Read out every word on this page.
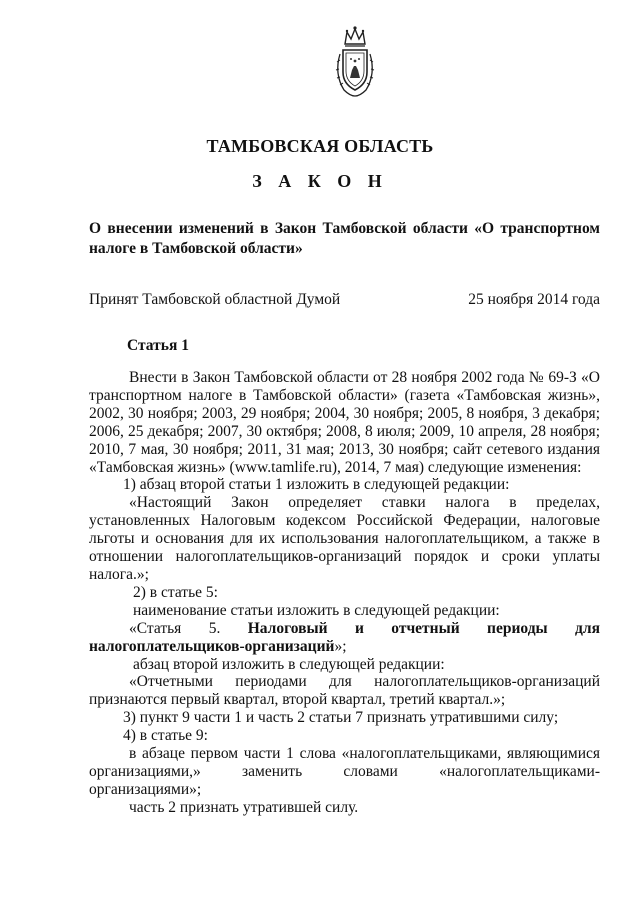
ТАМБОВСКАЯ ОБЛАСТЬ
З А К О Н
О внесении изменений в Закон Тамбовской области «О транспортном налоге в Тамбовской области»
Принят Тамбовской областной Думой	25 ноября 2014 года
Статья 1

Внести в Закон Тамбовской области от 28 ноября 2002 года № 69-З «О транспортном налоге в Тамбовской области» (газета «Тамбовская жизнь», 2002, 30 ноября; 2003, 29 ноября; 2004, 30 ноября; 2005, 8 ноября, 3 декабря; 2006, 25 декабря; 2007, 30 октября; 2008, 8 июля; 2009, 10 апреля, 28 ноября; 2010, 7 мая, 30 ноября; 2011, 31 мая; 2013, 30 ноября; сайт сетевого издания «Тамбовская жизнь» (www.tamlife.ru), 2014, 7 мая) следующие изменения:

1) абзац второй статьи 1 изложить в следующей редакции:

«Настоящий Закон определяет ставки налога в пределах, установленных Налоговым кодексом Российской Федерации, налоговые льготы и основания для их использования налогоплательщиком, а также в отношении налогоплательщиков-организаций порядок и сроки уплаты налога.»;

2) в статье 5:

наименование статьи изложить в следующей редакции:

«Статья 5. Налоговый и отчетный периоды для налогоплательщиков-организаций»;

абзац второй изложить в следующей редакции:

«Отчетными периодами для налогоплательщиков-организаций признаются первый квартал, второй квартал, третий квартал.»;

3) пункт 9 части 1 и часть 2 статьи 7 признать утратившими силу;

4) в статье 9:

в абзаце первом части 1 слова «налогоплательщиками, являющимися организациями,» заменить словами «налогоплательщиками-организациями»;

часть 2 признать утратившей силу.
